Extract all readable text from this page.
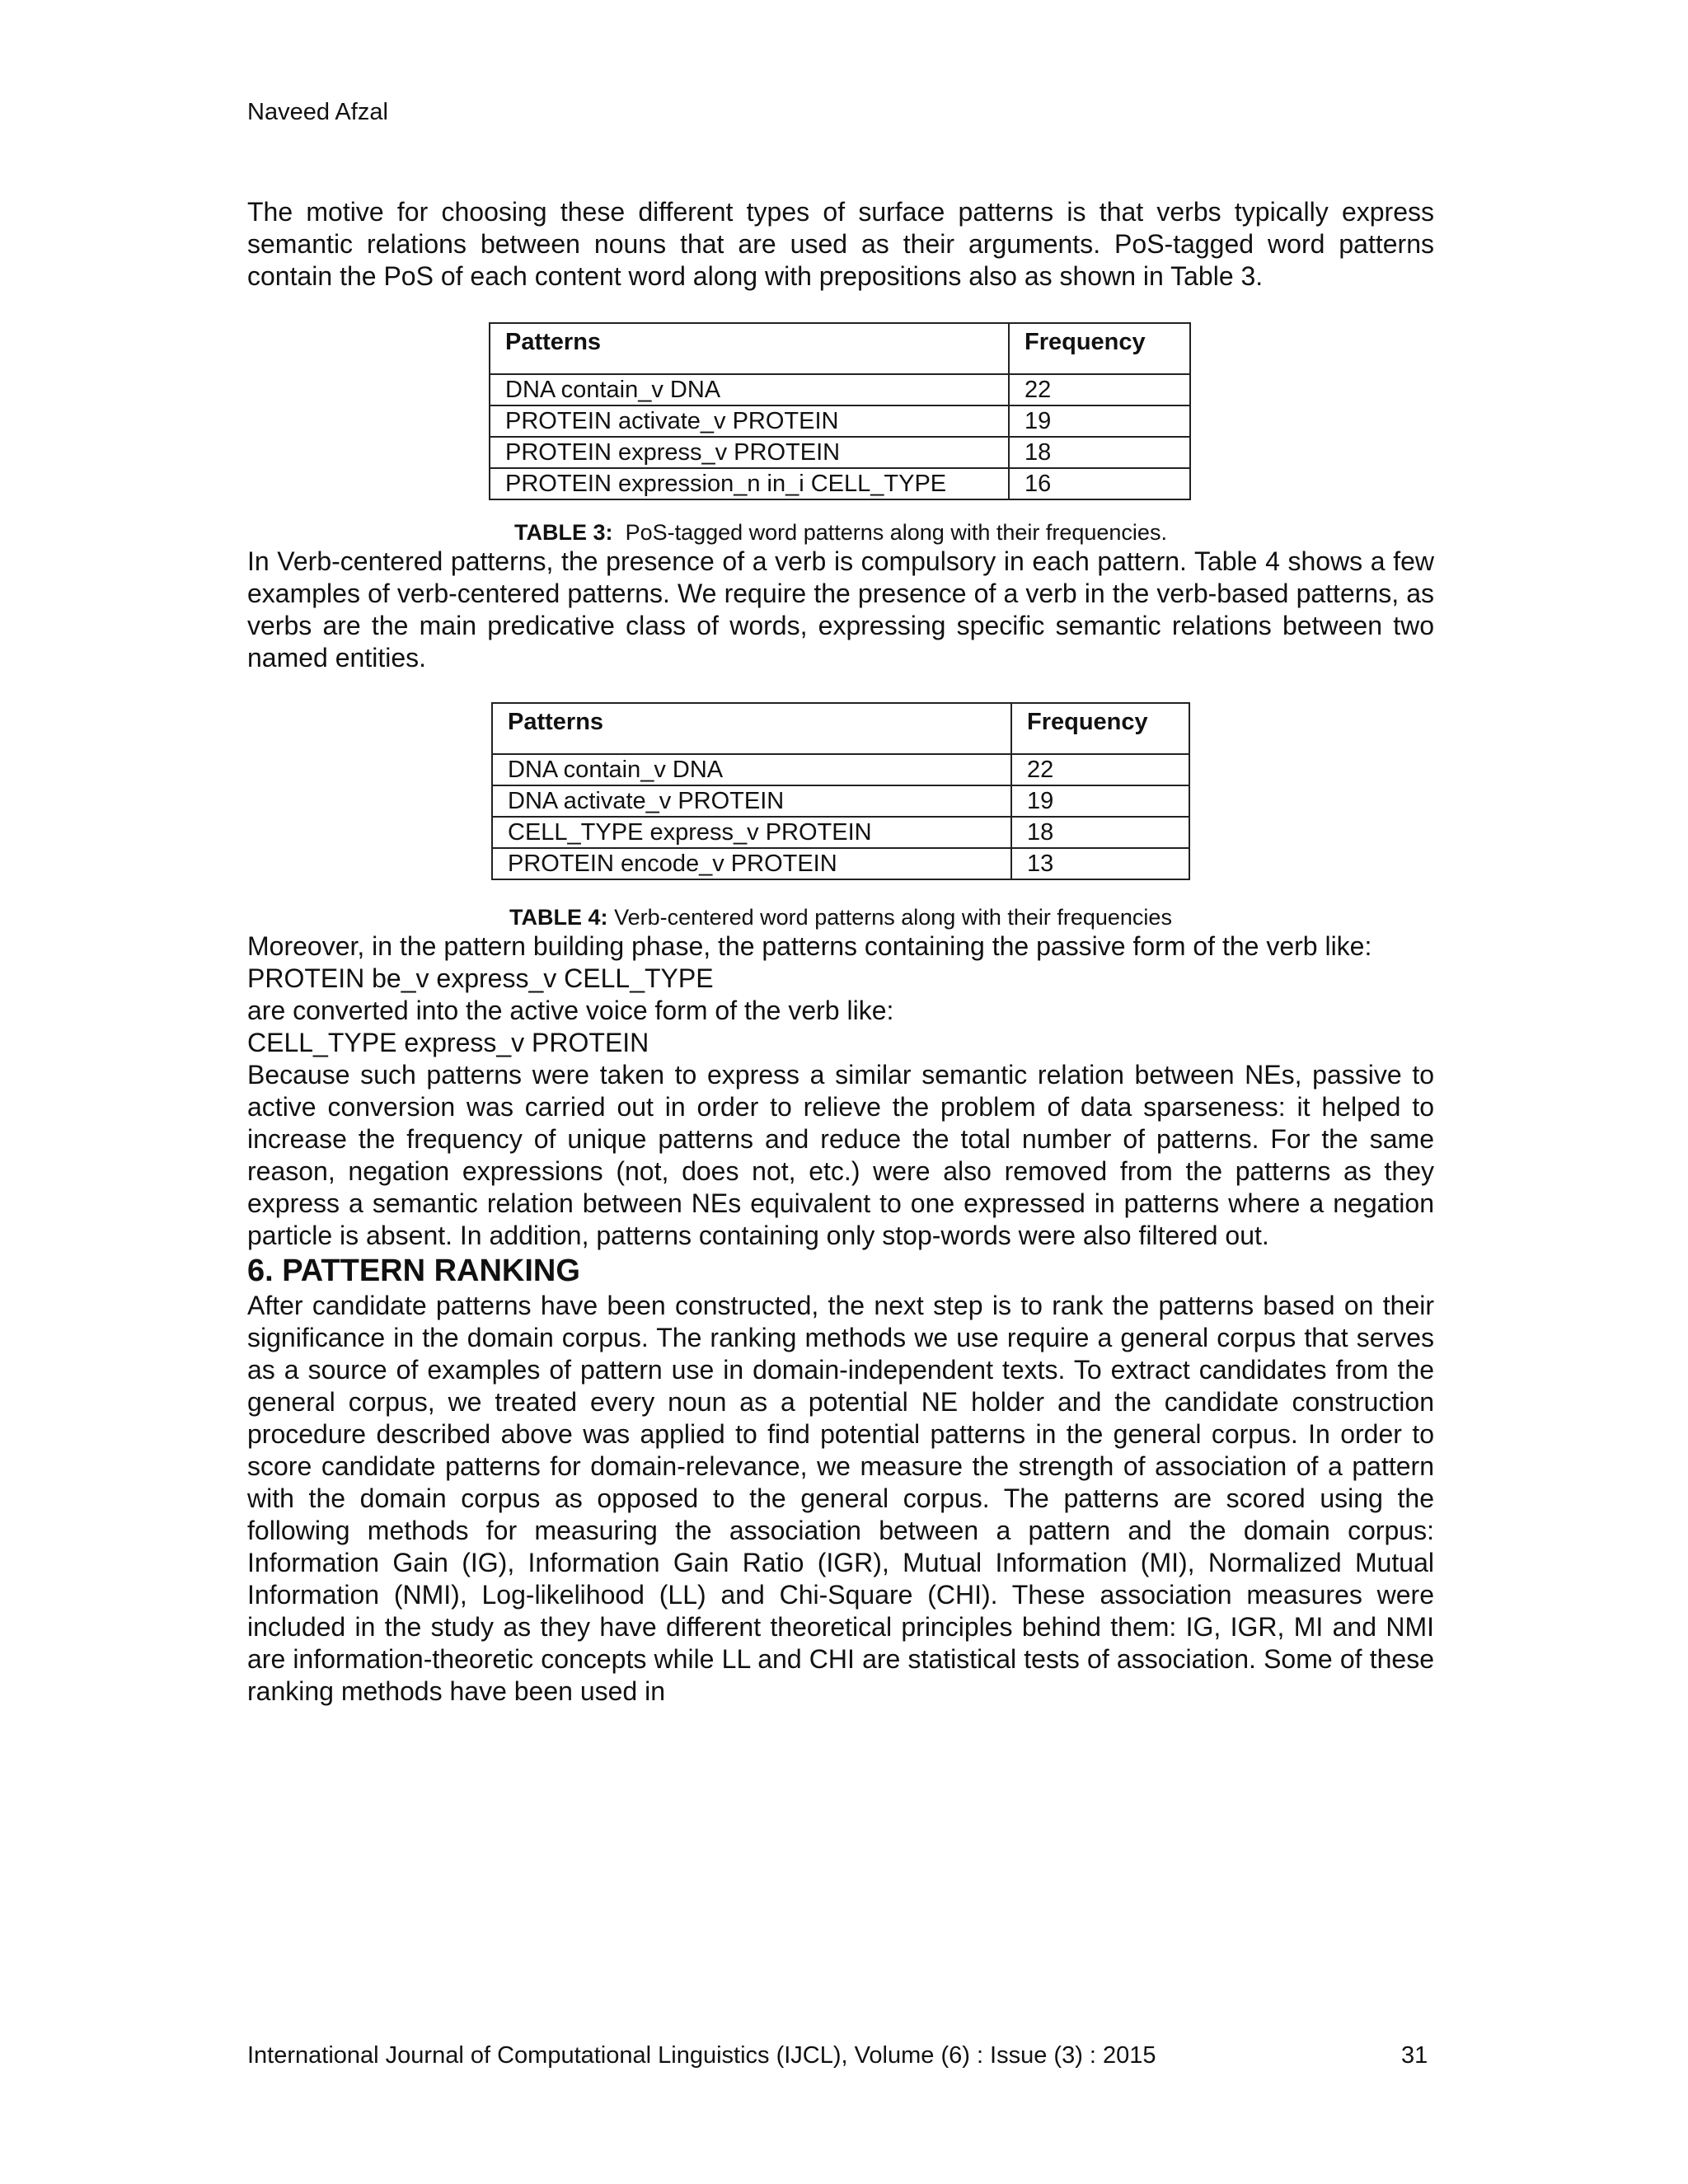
Naveed Afzal

The motive for choosing these different types of surface patterns is that verbs typically express semantic relations between nouns that are used as their arguments. PoS-tagged word patterns contain the PoS of each content word along with prepositions also as shown in Table 3.

Patterns	Frequency
DNA contain_v DNA	22
PROTEIN activate_v PROTEIN	19
PROTEIN express_v PROTEIN	18
PROTEIN expression_n in_i CELL_TYPE	16
TABLE 3: PoS-tagged word patterns along with their frequencies.

In Verb-centered patterns, the presence of a verb is compulsory in each pattern. Table 4 shows a few examples of verb-centered patterns. We require the presence of a verb in the verb-based patterns, as verbs are the main predicative class of words, expressing specific semantic relations between two named entities.

Patterns	Frequency
DNA contain_v DNA	22
DNA activate_v PROTEIN	19
CELL_TYPE express_v PROTEIN	18
PROTEIN encode_v PROTEIN	13
TABLE 4: Verb-centered word patterns along with their frequencies

Moreover, in the pattern building phase, the patterns containing the passive form of the verb like:

PROTEIN be_v express_v CELL_TYPE

are converted into the active voice form of the verb like:

CELL_TYPE express_v PROTEIN

Because such patterns were taken to express a similar semantic relation between NEs, passive to active conversion was carried out in order to relieve the problem of data sparseness: it helped to increase the frequency of unique patterns and reduce the total number of patterns. For the same reason, negation expressions (not, does not, etc.) were also removed from the patterns as they express a semantic relation between NEs equivalent to one expressed in patterns where a negation particle is absent. In addition, patterns containing only stop-words were also filtered out.

6. PATTERN RANKING

After candidate patterns have been constructed, the next step is to rank the patterns based on their significance in the domain corpus. The ranking methods we use require a general corpus that serves as a source of examples of pattern use in domain-independent texts. To extract candidates from the general corpus, we treated every noun as a potential NE holder and the candidate construction procedure described above was applied to find potential patterns in the general corpus. In order to score candidate patterns for domain-relevance, we measure the strength of association of a pattern with the domain corpus as opposed to the general corpus. The patterns are scored using the following methods for measuring the association between a pattern and the domain corpus: Information Gain (IG), Information Gain Ratio (IGR), Mutual Information (MI), Normalized Mutual Information (NMI), Log-likelihood (LL) and Chi-Square (CHI). These association measures were included in the study as they have different theoretical principles behind them: IG, IGR, MI and NMI are information-theoretic concepts while LL and CHI are statistical tests of association. Some of these ranking methods have been used in

International Journal of Computational Linguistics (IJCL), Volume (6) : Issue (3) : 2015	31
